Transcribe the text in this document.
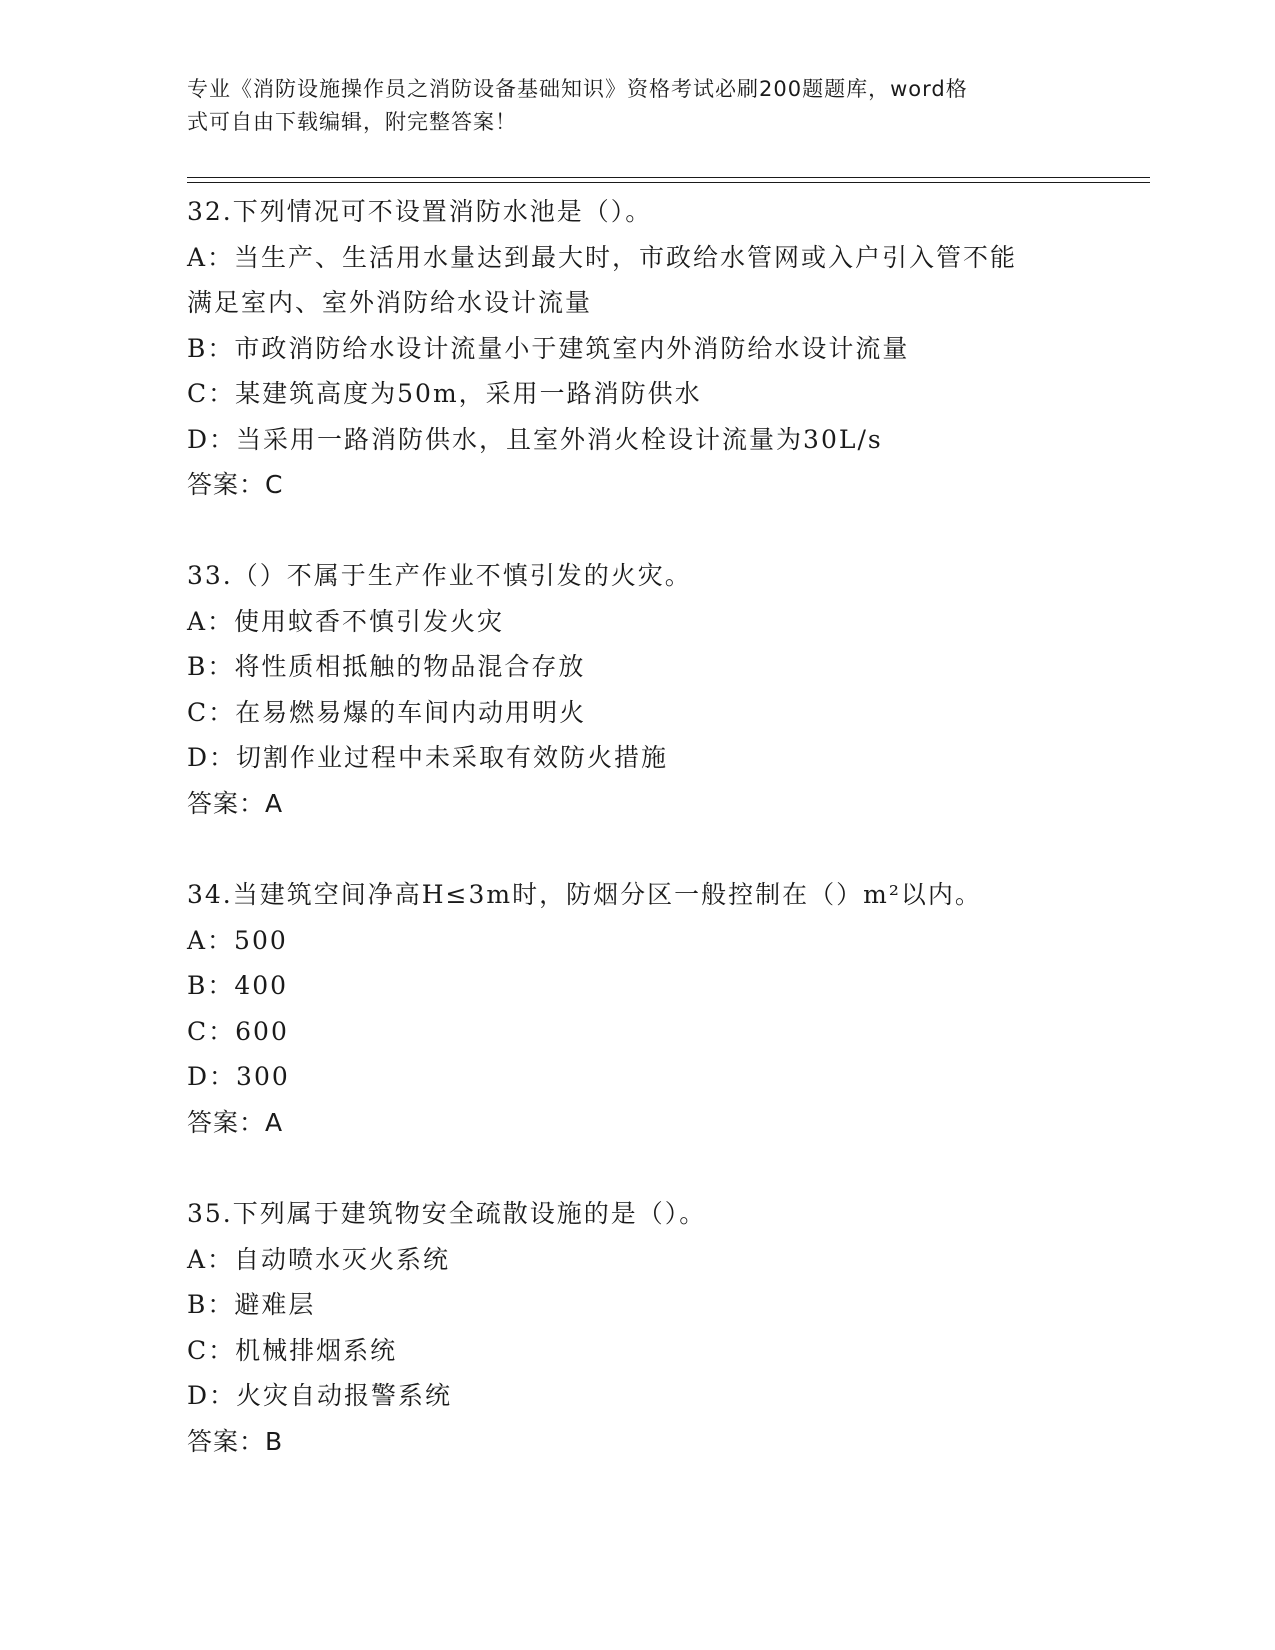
专业《消防设施操作员之消防设备基础知识》资格考试必刷200题题库，word格
式可自由下载编辑，附完整答案！
32.下列情况可不设置消防水池是（）。
A：当生产、生活用水量达到最大时，市政给水管网或入户引入管不能
满足室内、室外消防给水设计流量
B：市政消防给水设计流量小于建筑室内外消防给水设计流量
C：某建筑高度为50m，采用一路消防供水
D：当采用一路消防供水，且室外消火栓设计流量为30L/s
答案：C
33.（）不属于生产作业不慎引发的火灾。
A：使用蚊香不慎引发火灾
B：将性质相抵触的物品混合存放
C：在易燃易爆的车间内动用明火
D：切割作业过程中未采取有效防火措施
答案：A
34.当建筑空间净高H≤3m时，防烟分区一般控制在（）m²以内。
A：500
B：400
C：600
D：300
答案：A
35.下列属于建筑物安全疏散设施的是（）。
A：自动喷水灭火系统
B：避难层
C：机械排烟系统
D：火灾自动报警系统
答案：B
